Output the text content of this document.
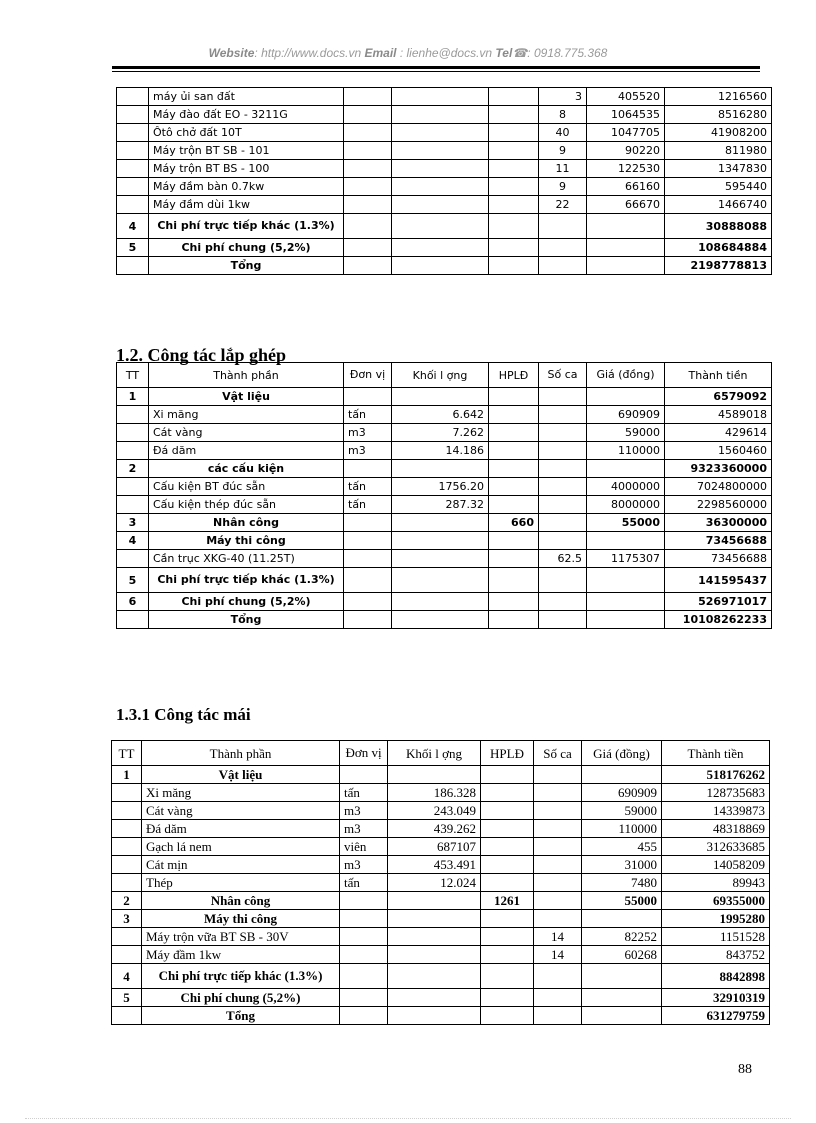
Website: http://www.docs.vn Email : lienhe@docs.vn Tel☎: 0918.775.368
	máy ủi san đất				3	405520	1216560
	Máy đào đất EO - 3211G				8	1064535	8516280
	Ôtô chở đất 10T				40	1047705	41908200
	Máy trộn BT SB - 101				9	90220	811980
	Máy trộn BT BS - 100				11	122530	1347830
	Máy đầm bàn 0.7kw				9	66160	595440
	Máy đầm dùi 1kw				22	66670	1466740
4	Chi phí trực tiếp khác (1.3%)						30888088
5	Chi phí chung (5,2%)						108684884
	Tổng						2198778813
1.2. Công tác lắp ghép
TT	Thành phần	Đơn vị	Khối l ợng	HPLĐ	Số ca	Giá (đồng)	Thành tiền
1	Vật liệu						6579092
	Xi măng	tấn	6.642			690909	4589018
	Cát vàng	m3	7.262			59000	429614
	Đá dăm	m3	14.186			110000	1560460
2	các cấu kiện						9323360000
	Cấu kiện BT đúc sẵn	tấn	1756.20			4000000	7024800000
	Cấu kiện thép đúc sẵn	tấn	287.32			8000000	2298560000
3	Nhân công			660		55000	36300000
4	Máy thi công						73456688
	Cần trục XKG-40 (11.25T)				62.5	1175307	73456688
5	Chi phí trực tiếp khác (1.3%)						141595437
6	Chi phí chung (5,2%)						526971017
	Tổng						10108262233
1.3.1 Công tác mái
TT	Thành phần	Đơn vị	Khối l ợng	HPLĐ	Số ca	Giá (đồng)	Thành tiền
1	Vật liệu						518176262
	Xi măng	tấn	186.328			690909	128735683
	Cát vàng	m3	243.049			59000	14339873
	Đá dăm	m3	439.262			110000	48318869
	Gạch lá nem	viên	687107			455	312633685
	Cát mịn	m3	453.491			31000	14058209
	Thép	tấn	12.024			7480	89943
2	Nhân công			1261		55000	69355000
3	Máy thi công						1995280
	Máy trộn vữa BT SB - 30V				14	82252	1151528
	Máy đầm 1kw				14	60268	843752
4	Chi phí trực tiếp khác (1.3%)						8842898
5	Chi phí chung (5,2%)						32910319
	Tổng						631279759
88
